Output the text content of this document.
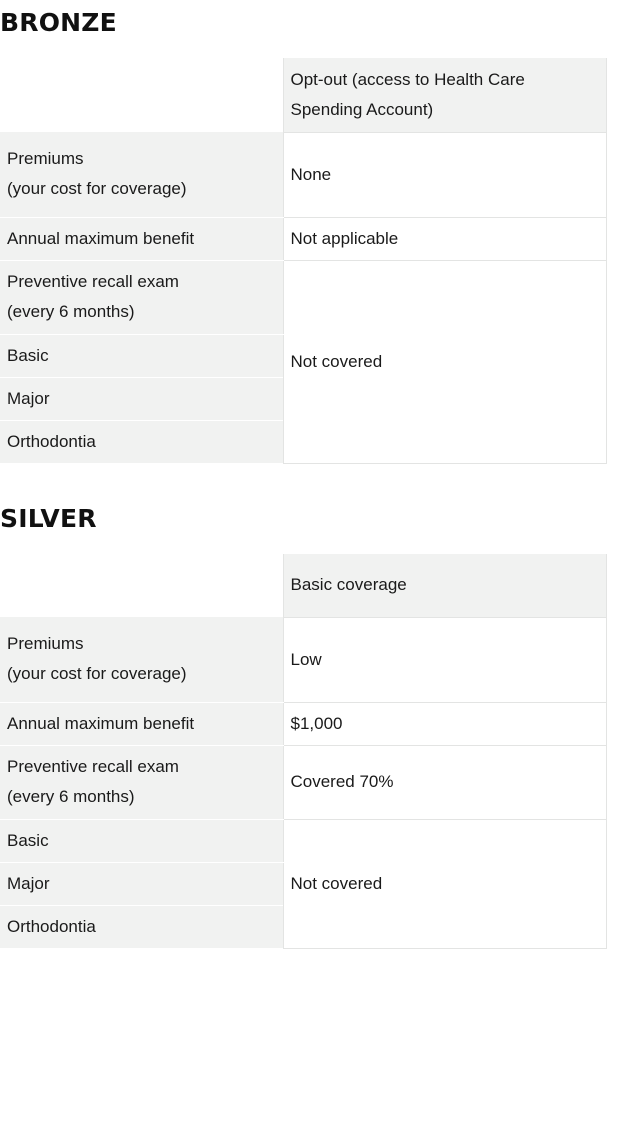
BRONZE

	Opt-out (access to Health Care
Spending Account)

Premiums
(your cost for coverage)	None
Annual maximum benefit	Not applicable

Preventive recall exam
(every 6 months)	Not covered
Basic	
Major	
Orthodontia	
SILVER
	Basic coverage

Premiums
(your cost for coverage)	Low
Annual maximum benefit	$1,000

Preventive recall exam
(every 6 months)	Covered 70%
Basic	Not covered
Major	
Orthodontia	
